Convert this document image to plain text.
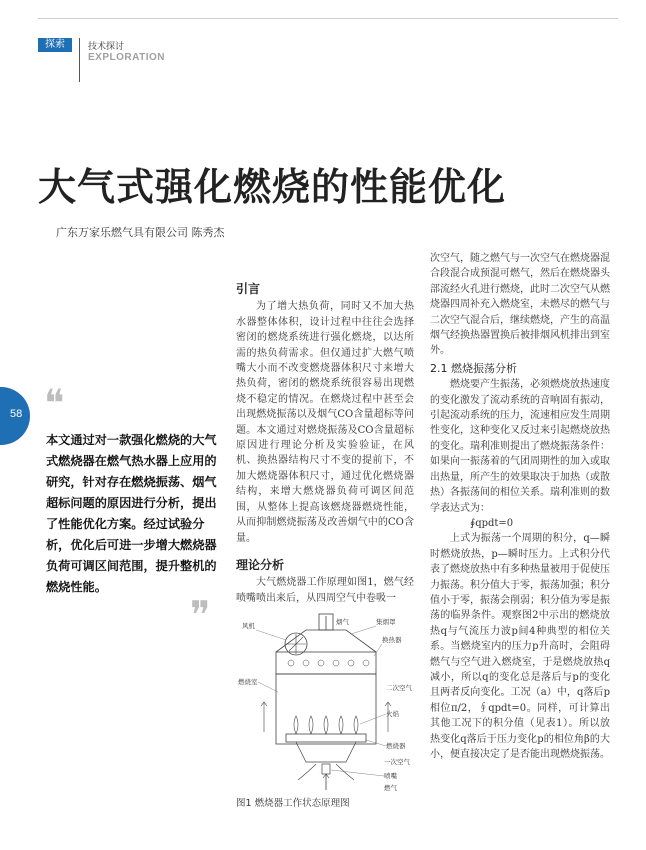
探索	技术探讨
EXPLORATION
大气式强化燃烧的性能优化
广东万家乐燃气具有限公司 陈秀杰
58 ❝

本文通过对一款强化燃烧的大气式燃烧器在燃气热水器上应用的研究，针对存在燃烧振荡、烟气超标问题的原因进行分析，提出了性能优化方案。经过试验分析，优化后可进一步增大燃烧器负荷可调区间范围，提升整机的燃烧性能。

❞
引言

为了增大热负荷，同时又不加大热水器整体体积，设计过程中往往会选择密闭的燃烧系统进行强化燃烧，以达所需的热负荷需求。但仅通过扩大燃气喷嘴大小而不改变燃烧器体积尺寸来增大热负荷，密闭的燃烧系统很容易出现燃烧不稳定的情况。在燃烧过程中甚至会出现燃烧振荡以及烟气CO含量超标等问题。本文通过对燃烧振荡及CO含量超标原因进行理论分析及实验验证，在风机、换热器结构尺寸不变的提前下，不加大燃烧器体积尺寸，通过优化燃烧器结构，来增大燃烧器负荷可调区间范围，从整体上提高该燃烧器燃烧性能，从而抑制燃烧振荡及改善烟气中的CO含量。

理论分析

大气燃烧器工作原理如图1，燃气经喷嘴喷出来后，从四周空气中卷吸一

烟气
风机	集烟罩
换热器
燃烧室
二次空气
火焰
燃烧器
一次空气
喷嘴
燃气
图1 燃烧器工作状态原理图

次空气，随之燃气与一次空气在燃烧器混合段混合成预混可燃气，然后在燃烧器头部流经火孔进行燃烧，此时二次空气从燃烧器四周补充入燃烧室，未燃尽的燃气与二次空气混合后，继续燃烧，产生的高温烟气经换热器置换后被排烟风机排出到室外。

2.1 燃烧振荡分析

燃烧要产生振荡，必须燃烧放热速度的变化激发了流动系统的音响固有振动，引起流动系统的压力，流速相应发生周期性变化，这种变化又反过来引起燃烧放热的变化。瑞利准则提出了燃烧振荡条件：如果向一振荡着的气团周期性的加入或取出热量，所产生的效果取决于加热（或散热）各振荡间的相位关系。瑞利准则的数学表达式为：

∮qpdt=0

上式为振荡一个周期的积分，q—瞬时燃烧放热，p—瞬时压力。上式积分代表了燃烧放热中有多种热量被用于促使压力振荡。积分值大于零，振荡加强；积分值小于零，振荡会削弱；积分值为零是振荡的临界条件。观察图2中示出的燃烧放热q与气流压力波p间4种典型的相位关系。当燃烧室内的压力p升高时，会阻碍燃气与空气进入燃烧室，于是燃烧放热q减小，所以q的变化总是落后与p的变化且两者反向变化。工况（a）中，q落后p相位π/2，∮qpdt=0。同样，可计算出其他工况下的积分值（见表1）。所以放热变化q落后于压力变化p的相位角β的大小，便直接决定了是否能出现燃烧振荡。
